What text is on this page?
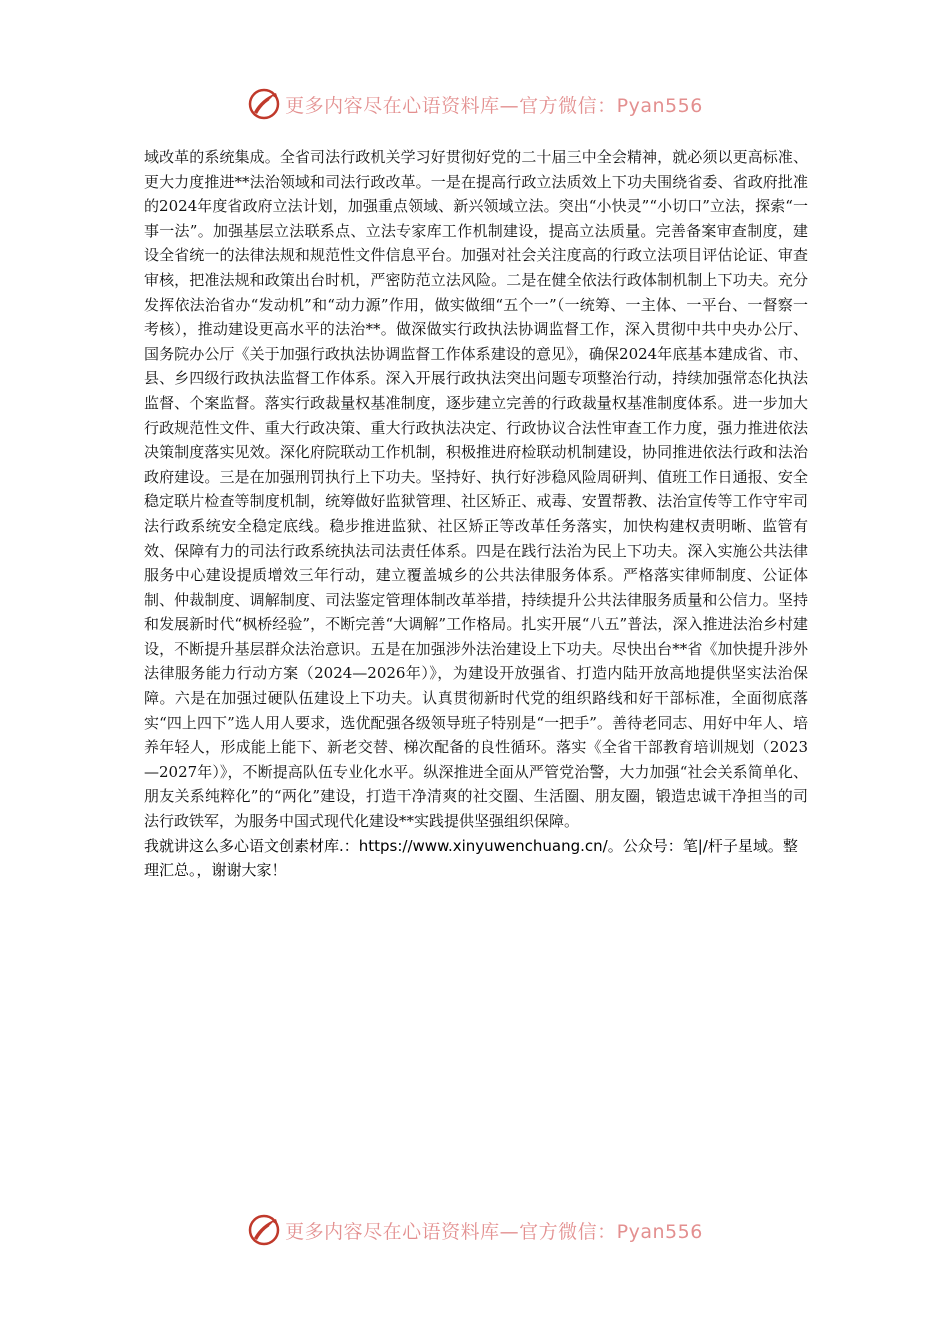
更多内容尽在心语资料库—官方微信：Pyan556

域改革的系统集成。全省司法行政机关学习好贯彻好党的二十届三中全会精神，就必须以更高标准、更大力度推进**法治领域和司法行政改革。一是在提高行政立法质效上下功夫围绕省委、省政府批准的2024年度省政府立法计划，加强重点领域、新兴领域立法。突出“小快灵”“小切口”立法，探索“一事一法”。加强基层立法联系点、立法专家库工作机制建设，提高立法质量。完善备案审查制度，建设全省统一的法律法规和规范性文件信息平台。加强对社会关注度高的行政立法项目评估论证、审查审核，把准法规和政策出台时机，严密防范立法风险。二是在健全依法行政体制机制上下功夫。充分发挥依法治省办“发动机”和“动力源”作用，做实做细“五个一”（一统筹、一主体、一平台、一督察一考核），推动建设更高水平的法治**。做深做实行政执法协调监督工作，深入贯彻中共中央办公厅、国务院办公厅《关于加强行政执法协调监督工作体系建设的意见》，确保2024年底基本建成省、市、县、乡四级行政执法监督工作体系。深入开展行政执法突出问题专项整治行动，持续加强常态化执法监督、个案监督。落实行政裁量权基准制度，逐步建立完善的行政裁量权基准制度体系。进一步加大行政规范性文件、重大行政决策、重大行政执法决定、行政协议合法性审查工作力度，强力推进依法决策制度落实见效。深化府院联动工作机制，积极推进府检联动机制建设，协同推进依法行政和法治政府建设。三是在加强刑罚执行上下功夫。坚持好、执行好涉稳风险周研判、值班工作日通报、安全稳定联片检查等制度机制，统筹做好监狱管理、社区矫正、戒毒、安置帮教、法治宣传等工作守牢司法行政系统安全稳定底线。稳步推进监狱、社区矫正等改革任务落实，加快构建权责明晰、监管有效、保障有力的司法行政系统执法司法责任体系。四是在践行法治为民上下功夫。深入实施公共法律服务中心建设提质增效三年行动，建立覆盖城乡的公共法律服务体系。严格落实律师制度、公证体制、仲裁制度、调解制度、司法鉴定管理体制改革举措，持续提升公共法律服务质量和公信力。坚持和发展新时代“枫桥经验”，不断完善“大调解”工作格局。扎实开展“八五”普法，深入推进法治乡村建设，不断提升基层群众法治意识。五是在加强涉外法治建设上下功夫。尽快出台**省《加快提升涉外法律服务能力行动方案（2024—2026年）》，为建设开放强省、打造内陆开放高地提供坚实法治保障。六是在加强过硬队伍建设上下功夫。认真贯彻新时代党的组织路线和好干部标准，全面彻底落实“四上四下”选人用人要求，选优配强各级领导班子特别是“一把手”。善待老同志、用好中年人、培养年轻人，形成能上能下、新老交替、梯次配备的良性循环。落实《全省干部教育培训规划（2023—2027年）》，不断提高队伍专业化水平。纵深推进全面从严管党治警，大力加强“社会关系简单化、朋友关系纯粹化”的“两化”建设，打造干净清爽的社交圈、生活圈、朋友圈，锻造忠诚干净担当的司法行政铁军，为服务中国式现代化建设**实践提供坚强组织保障。

我就讲这么多心语文创素材库.：https://www.xinyuwenchuang.cn/。公众号：笔|/杆子星域。整理汇总。，谢谢大家！

更多内容尽在心语资料库—官方微信：Pyan556
